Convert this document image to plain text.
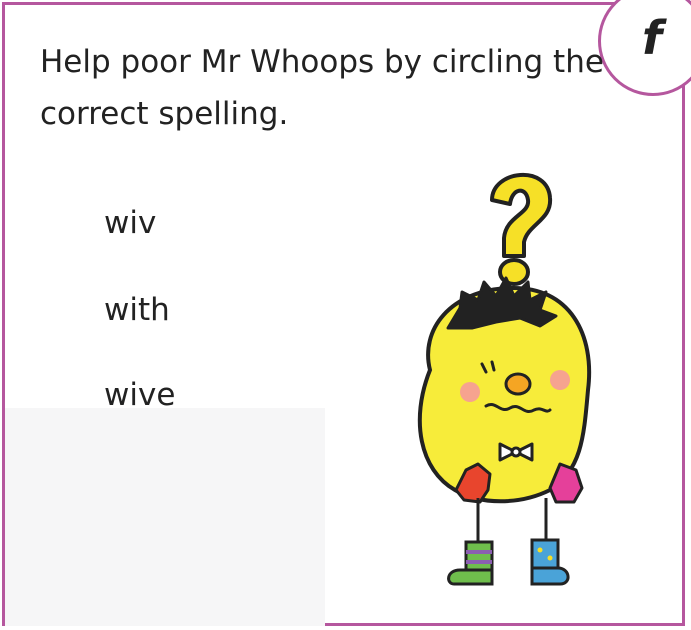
f
Help poor Mr Whoops by circling the correct spelling.
wiv
with
wive
